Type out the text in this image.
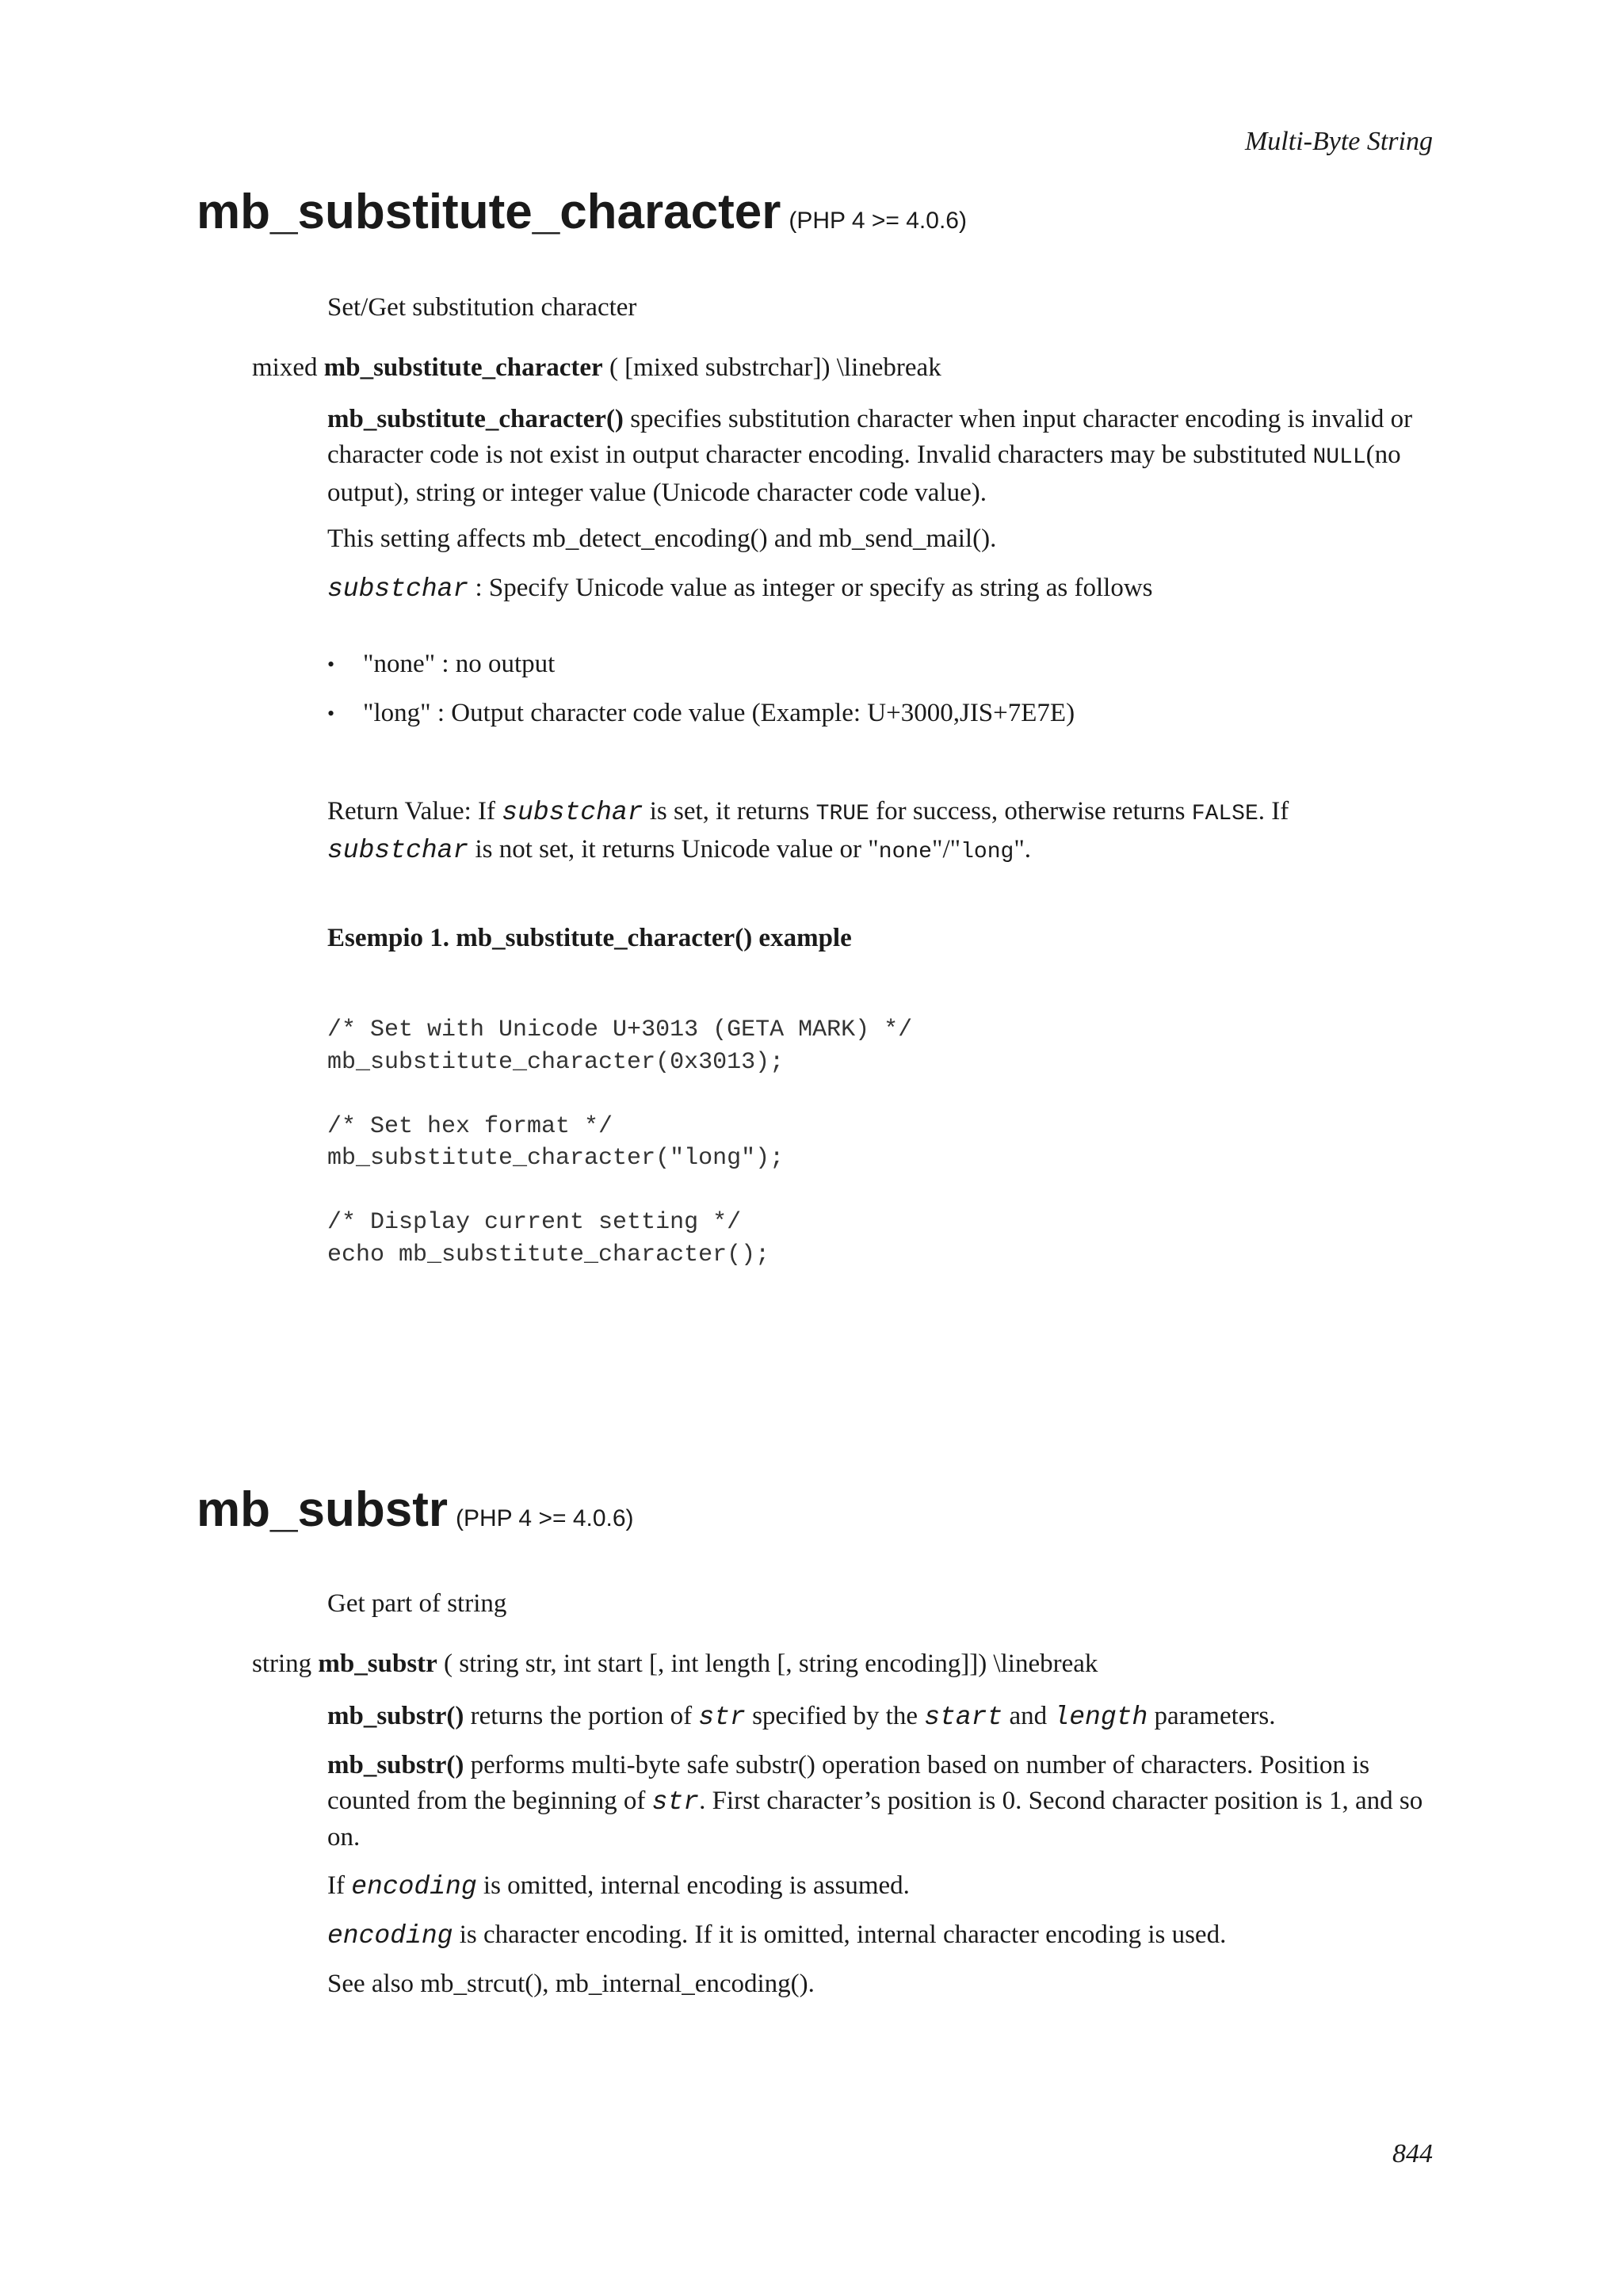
Multi-Byte String
mb_substitute_character (PHP 4 >= 4.0.6)

Set/Get substitution character

mixed mb_substitute_character ( [mixed substrchar]) \linebreak

mb_substitute_character() specifies substitution character when input character encoding is invalid or character code is not exist in output character encoding. Invalid characters may be substituted NULL(no output), string or integer value (Unicode character code value).

This setting affects mb_detect_encoding() and mb_send_mail().

substchar : Specify Unicode value as integer or specify as string as follows

• "none" : no output
• "long" : Output character code value (Example: U+3000,JIS+7E7E)

Return Value: If substchar is set, it returns TRUE for success, otherwise returns FALSE. If
substchar is not set, it returns Unicode value or "none"/"long".

Esempio 1. mb_substitute_character() example

/* Set with Unicode U+3013 (GETA MARK) */
mb_substitute_character(0x3013);

/* Set hex format */
mb_substitute_character("long");

/* Display current setting */
echo mb_substitute_character();
mb_substr (PHP 4 >= 4.0.6)

Get part of string

string mb_substr ( string str, int start [, int length [, string encoding]]) \linebreak

mb_substr() returns the portion of str specified by the start and length parameters.

mb_substr() performs multi-byte safe substr() operation based on number of characters. Position is counted from the beginning of str. First character’s position is 0. Second character position is 1, and so on.

If encoding is omitted, internal encoding is assumed.

encoding is character encoding. If it is omitted, internal character encoding is used.

See also mb_strcut(), mb_internal_encoding().

844
